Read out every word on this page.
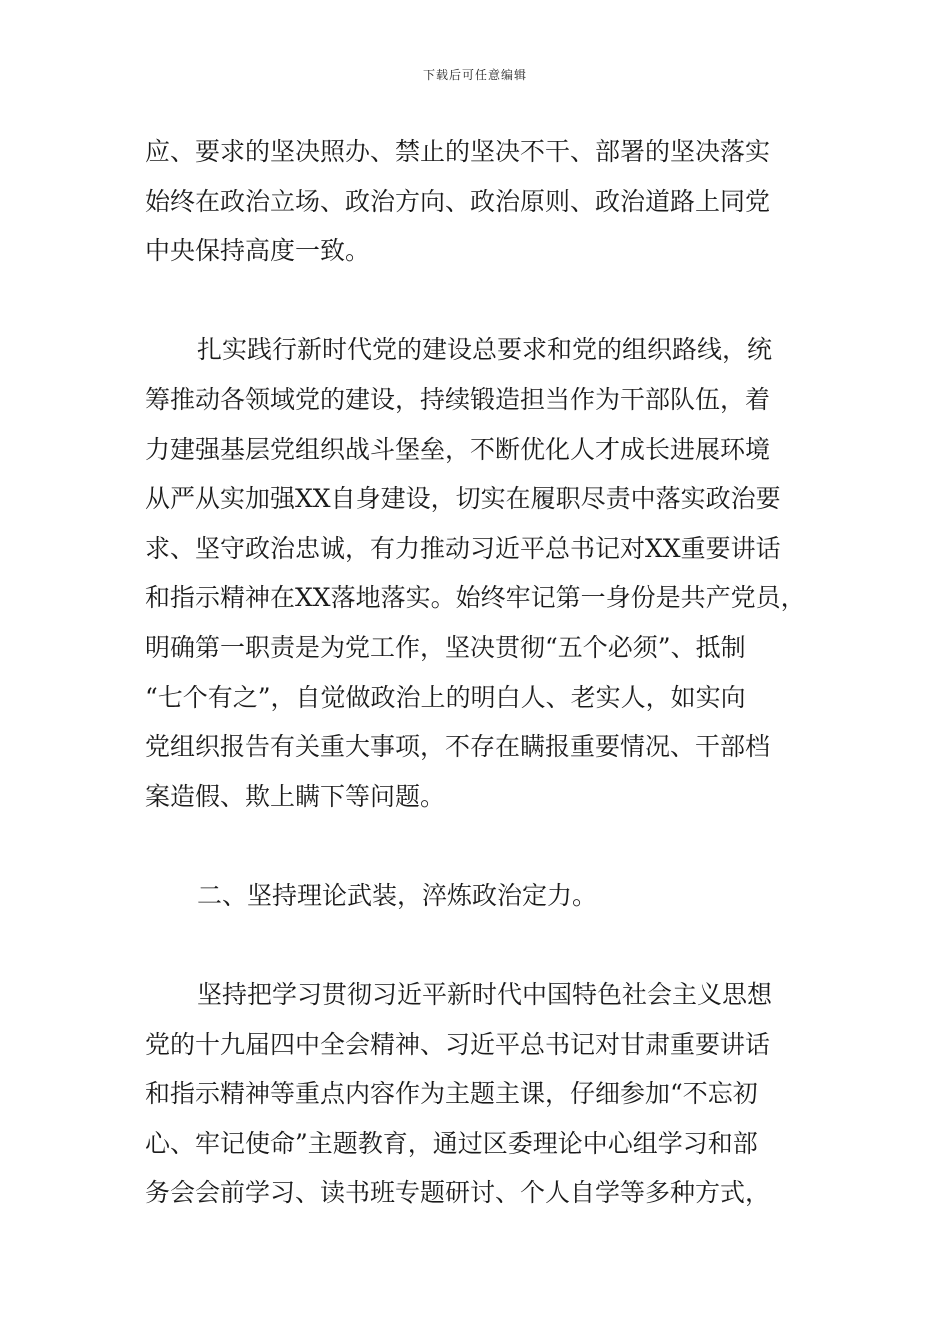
下载后可任意编辑
应、要求的坚决照办、禁止的坚决不干、部署的坚决落实
始终在政治立场、政治方向、政治原则、政治道路上同党
中央保持高度一致。
扎实践行新时代党的建设总要求和党的组织路线，统
筹推动各领域党的建设，持续锻造担当作为干部队伍，着
力建强基层党组织战斗堡垒，不断优化人才成长进展环境
从严从实加强XX自身建设，切实在履职尽责中落实政治要
求、坚守政治忠诚，有力推动习近平总书记对XX重要讲话
和指示精神在XX落地落实。始终牢记第一身份是共产党员，
明确第一职责是为党工作，坚决贯彻“五个必须”、抵制
“七个有之”，自觉做政治上的明白人、老实人，如实向
党组织报告有关重大事项，不存在瞒报重要情况、干部档
案造假、欺上瞒下等问题。
二、坚持理论武装，淬炼政治定力。
坚持把学习贯彻习近平新时代中国特色社会主义思想
党的十九届四中全会精神、习近平总书记对甘肃重要讲话
和指示精神等重点内容作为主题主课，仔细参加“不忘初
心、牢记使命”主题教育，通过区委理论中心组学习和部
务会会前学习、读书班专题研讨、个人自学等多种方式，
